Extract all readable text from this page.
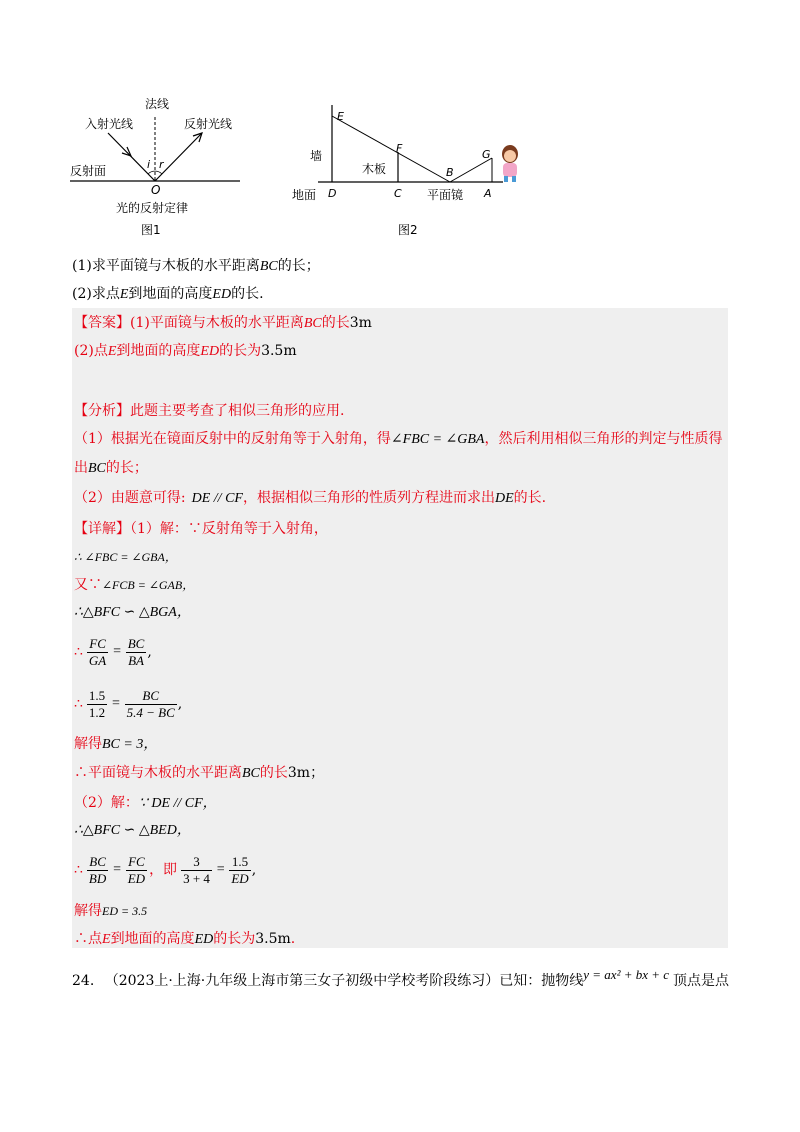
法线
入射光线	反射光线
反射面	i r
O
光的反射定律
图1
E
墙
F
木板	B
G
地面 D	C 平面镜 A
图2
(1)求平面镜与木板的水平距离BC的长；
(2)求点E到地面的高度ED的长.
【答案】(1)平面镜与木板的水平距离BC的长3m
(2)点E到地面的高度ED的长为3.5m
【分析】此题主要考查了相似三角形的应用.
（1）根据光在镜面反射中的反射角等于入射角，得∠FBC = ∠GBA，然后利用相似三角形的判定与性质得
出BC的长；
（2）由题意可得: DE // CF，根据相似三角形的性质列方程进而求出DE的长.
【详解】（1）解：∵反射角等于入射角，
∴ ∠FBC = ∠GBA，
又∵∠FCB = ∠GAB，
∴△BFC ∽ △BGA，
∴ $\frac{FC}{GA} = \frac{BC}{BA}$ ,
∴ $\frac{1.5}{1.2} = \frac{BC}{5.4 - BC}$ ,
解得BC = 3，
∴平面镜与木板的水平距离BC的长3m；
（2）解：∵ DE // CF，
∴△BFC ∽ △BED，
∴ $\frac{BC}{BD} = \frac{FC}{ED}$ ，即 $\frac{3}{3 + 4} = \frac{1.5}{ED}$ ,
解得ED = 3.5
∴点E到地面的高度ED的长为3.5m.
24. （2023上·上海·九年级上海市第三女子初级中学校考阶段练习）已知：抛物线y = ax² + bx + c 顶点是点
